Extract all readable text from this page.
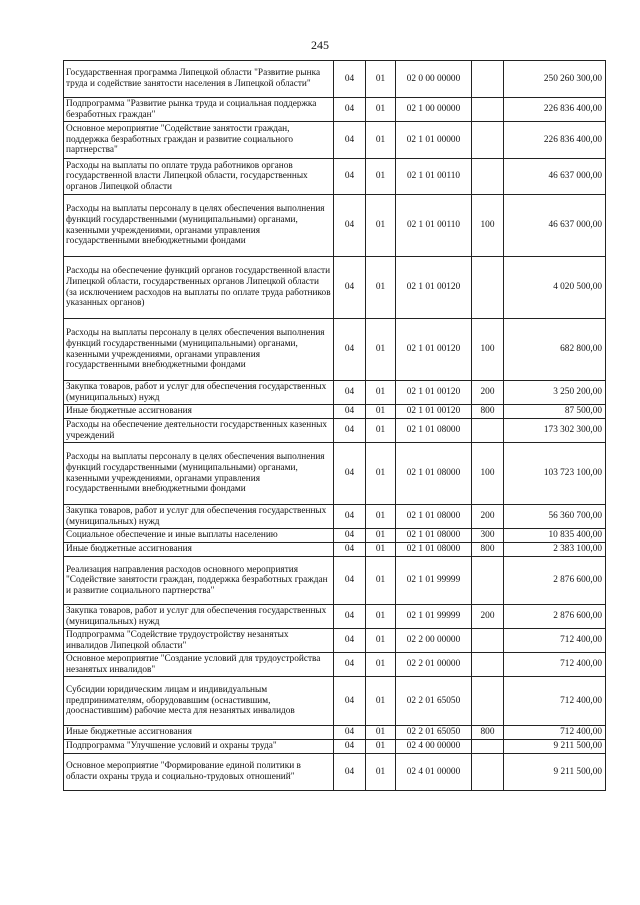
245
Государственная программа Липецкой области "Развитие рынка труда и содействие занятости населения в Липецкой области"	04	01	02 0 00 00000		250 260 300,00
Подпрограмма "Развитие рынка труда и социальная поддержка безработных граждан"	04	01	02 1 00 00000		226 836 400,00
Основное мероприятие "Содействие занятости граждан, поддержка безработных граждан и развитие социального партнерства"	04	01	02 1 01 00000		226 836 400,00
Расходы на выплаты по оплате труда работников органов государственной власти Липецкой области, государственных органов Липецкой области	04	01	02 1 01 00110		46 637 000,00
Расходы на выплаты персоналу в целях обеспечения выполнения функций государственными (муниципальными) органами, казенными учреждениями, органами управления государственными внебюджетными фондами	04	01	02 1 01 00110	100	46 637 000,00
Расходы на обеспечение функций органов государственной власти Липецкой области, государственных органов Липецкой области (за исключением расходов на выплаты по оплате труда работников указанных органов)	04	01	02 1 01 00120		4 020 500,00
Расходы на выплаты персоналу в целях обеспечения выполнения функций государственными (муниципальными) органами, казенными учреждениями, органами управления государственными внебюджетными фондами	04	01	02 1 01 00120	100	682 800,00
Закупка товаров, работ и услуг для обеспечения государственных (муниципальных) нужд	04	01	02 1 01 00120	200	3 250 200,00
Иные бюджетные ассигнования	04	01	02 1 01 00120	800	87 500,00
Расходы на обеспечение деятельности государственных казенных учреждений	04	01	02 1 01 08000		173 302 300,00
Расходы на выплаты персоналу в целях обеспечения выполнения функций государственными (муниципальными) органами, казенными учреждениями, органами управления государственными внебюджетными фондами	04	01	02 1 01 08000	100	103 723 100,00
Закупка товаров, работ и услуг для обеспечения государственных (муниципальных) нужд	04	01	02 1 01 08000	200	56 360 700,00
Социальное обеспечение и иные выплаты населению	04	01	02 1 01 08000	300	10 835 400,00
Иные бюджетные ассигнования	04	01	02 1 01 08000	800	2 383 100,00
Реализация направления расходов основного мероприятия "Содействие занятости граждан, поддержка безработных граждан и развитие социального партнерства"	04	01	02 1 01 99999		2 876 600,00
Закупка товаров, работ и услуг для обеспечения государственных (муниципальных) нужд	04	01	02 1 01 99999	200	2 876 600,00
Подпрограмма "Содействие трудоустройству незанятых инвалидов Липецкой области"	04	01	02 2 00 00000		712 400,00
Основное мероприятие "Создание условий для трудоустройства незанятых инвалидов"	04	01	02 2 01 00000		712 400,00
Субсидии юридическим лицам и индивидуальным предпринимателям, оборудовавшим (оснастившим, дооснастившим) рабочие места для незанятых инвалидов	04	01	02 2 01 65050		712 400,00
Иные бюджетные ассигнования	04	01	02 2 01 65050	800	712 400,00
Подпрограмма "Улучшение условий и охраны труда"	04	01	02 4 00 00000		9 211 500,00
Основное мероприятие "Формирование единой политики в области охраны труда и социально-трудовых отношений"	04	01	02 4 01 00000		9 211 500,00
